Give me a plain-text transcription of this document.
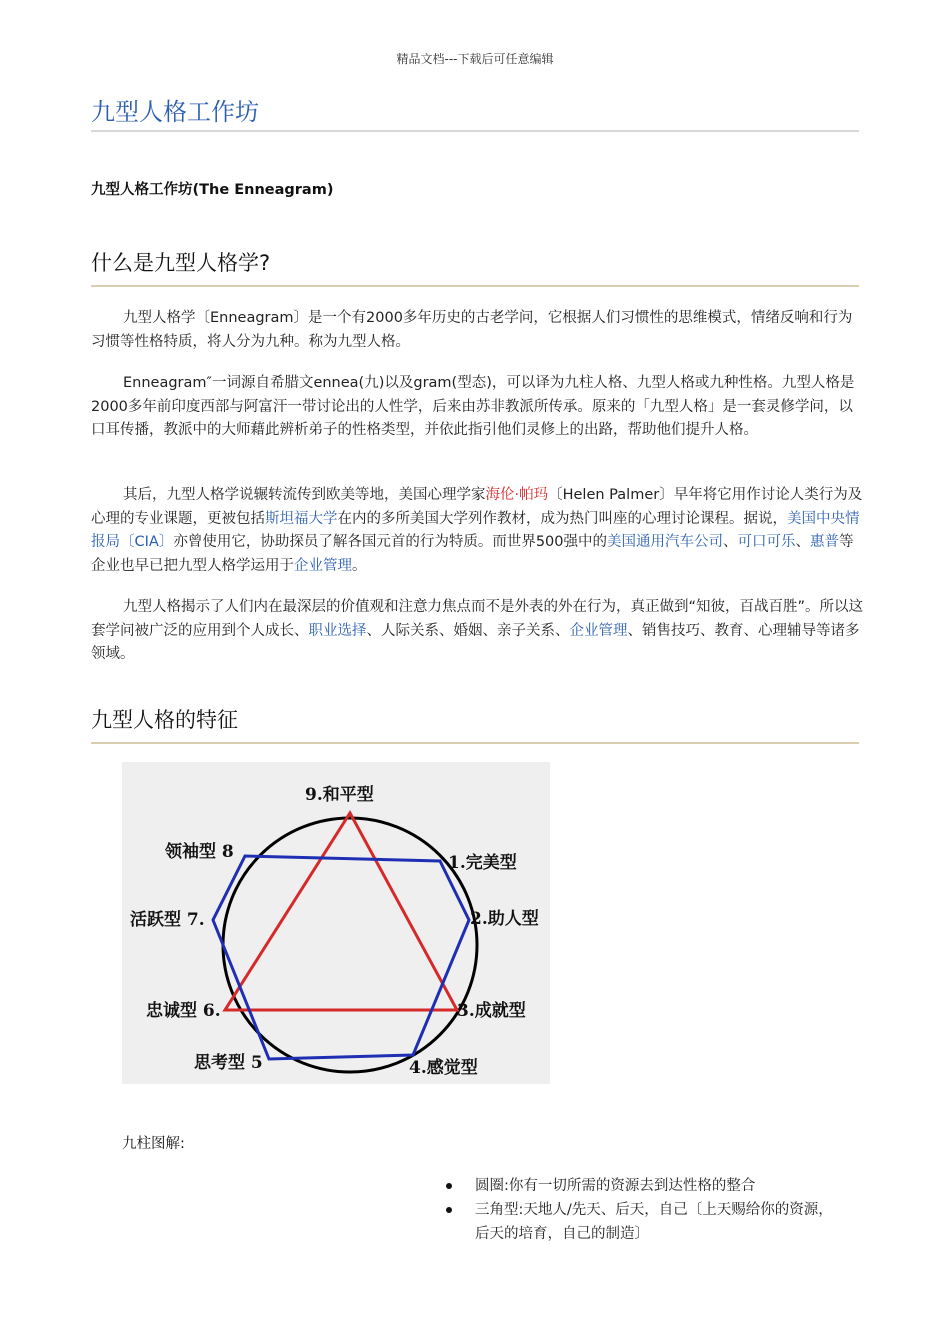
精品文档---下载后可任意编辑
九型人格工作坊
九型人格工作坊(The Enneagram)
什么是九型人格学?

九型人格学〔Enneagram〕是一个有2000多年历史的古老学问，它根据人们习惯性的思维模式，情绪反响和行为习惯等性格特质，将人分为九种。称为九型人格。

Enneagram″一词源自希腊文ennea(九)以及gram(型态)，可以译为九柱人格、九型人格或九种性格。九型人格是2000多年前印度西部与阿富汗一带讨论出的人性学，后来由苏非教派所传承。原来的「九型人格」是一套灵修学问，以口耳传播，教派中的大师藉此辨析弟子的性格类型，并依此指引他们灵修上的出路，帮助他们提升人格。

其后，九型人格学说辗转流传到欧美等地，美国心理学家海伦·帕玛〔Helen Palmer〕早年将它用作讨论人类行为及心理的专业课题，更被包括斯坦福大学在内的多所美国大学列作教材，成为热门叫座的心理讨论课程。据说，美国中央情报局〔CIA〕亦曾使用它，协助探员了解各国元首的行为特质。而世界500强中的美国通用汽车公司、可口可乐、惠普等企业也早已把九型人格学运用于企业管理。

九型人格揭示了人们内在最深层的价值观和注意力焦点而不是外表的外在行为，真正做到“知彼，百战百胜”。所以这套学问被广泛的应用到个人成长、职业选择、人际关系、婚姻、亲子关系、企业管理、销售技巧、教育、心理辅导等诸多领域。

九型人格的特征
9.和平型
1.完美型
2.助人型
3.成就型
4.感觉型
思考型 5
忠诚型 6.
活跃型 7.
领袖型 8
九柱图解:
圆圈:你有一切所需的资源去到达性格的整合
三角型:天地人/先天、后天，自己〔上天赐给你的资源，后天的培育，自己的制造〕
